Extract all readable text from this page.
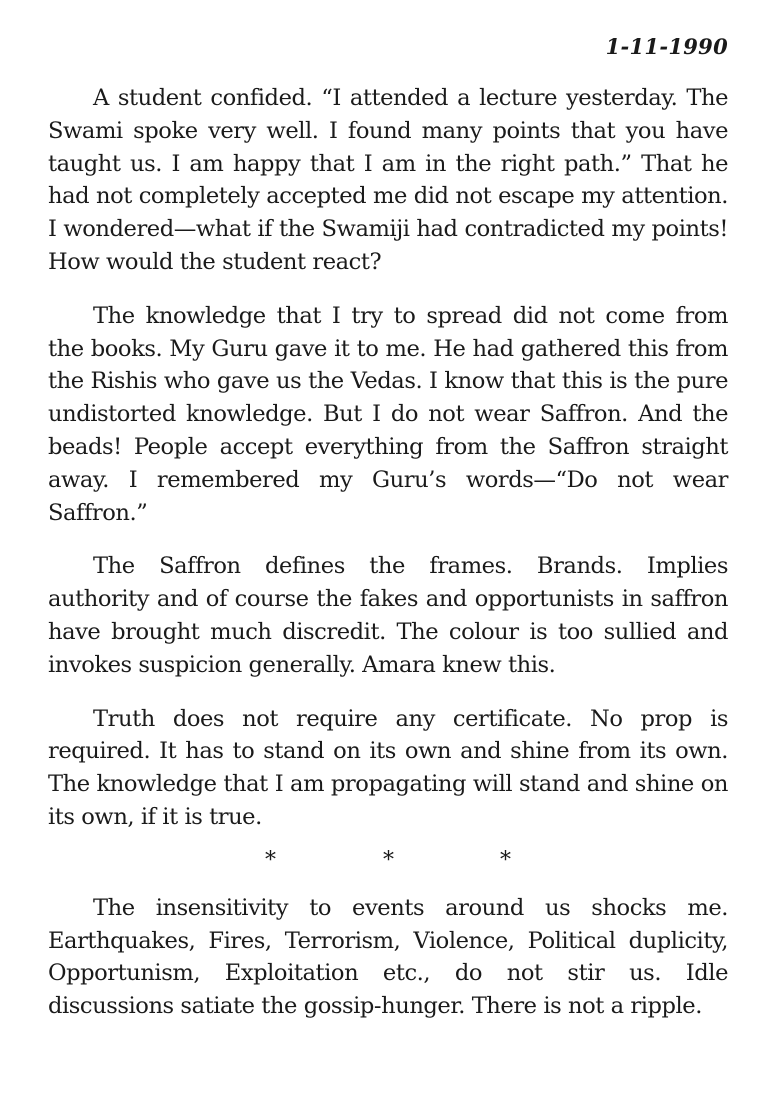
1-11-1990

A student confided. “I attended a lecture yesterday. The Swami spoke very well. I found many points that you have taught us. I am happy that I am in the right path.” That he had not completely accepted me did not escape my attention. I wondered—what if the Swamiji had contradicted my points! How would the student react?

The knowledge that I try to spread did not come from the books. My Guru gave it to me. He had gathered this from the Rishis who gave us the Vedas. I know that this is the pure undistorted knowledge. But I do not wear Saffron. And the beads! People accept everything from the Saffron straight away. I remembered my Guru’s words—“Do not wear Saffron.”

The Saffron defines the frames. Brands. Implies authority and of course the fakes and opportunists in saffron have brought much discredit. The colour is too sullied and invokes suspicion generally. Amara knew this.

Truth does not require any certificate. No prop is required. It has to stand on its own and shine from its own. The knowledge that I am propagating will stand and shine on its own, if it is true.

*	*	*

The insensitivity to events around us shocks me. Earthquakes, Fires, Terrorism, Violence, Political duplicity, Opportunism, Exploitation etc., do not stir us. Idle discussions satiate the gossip-hunger. There is not a ripple.
